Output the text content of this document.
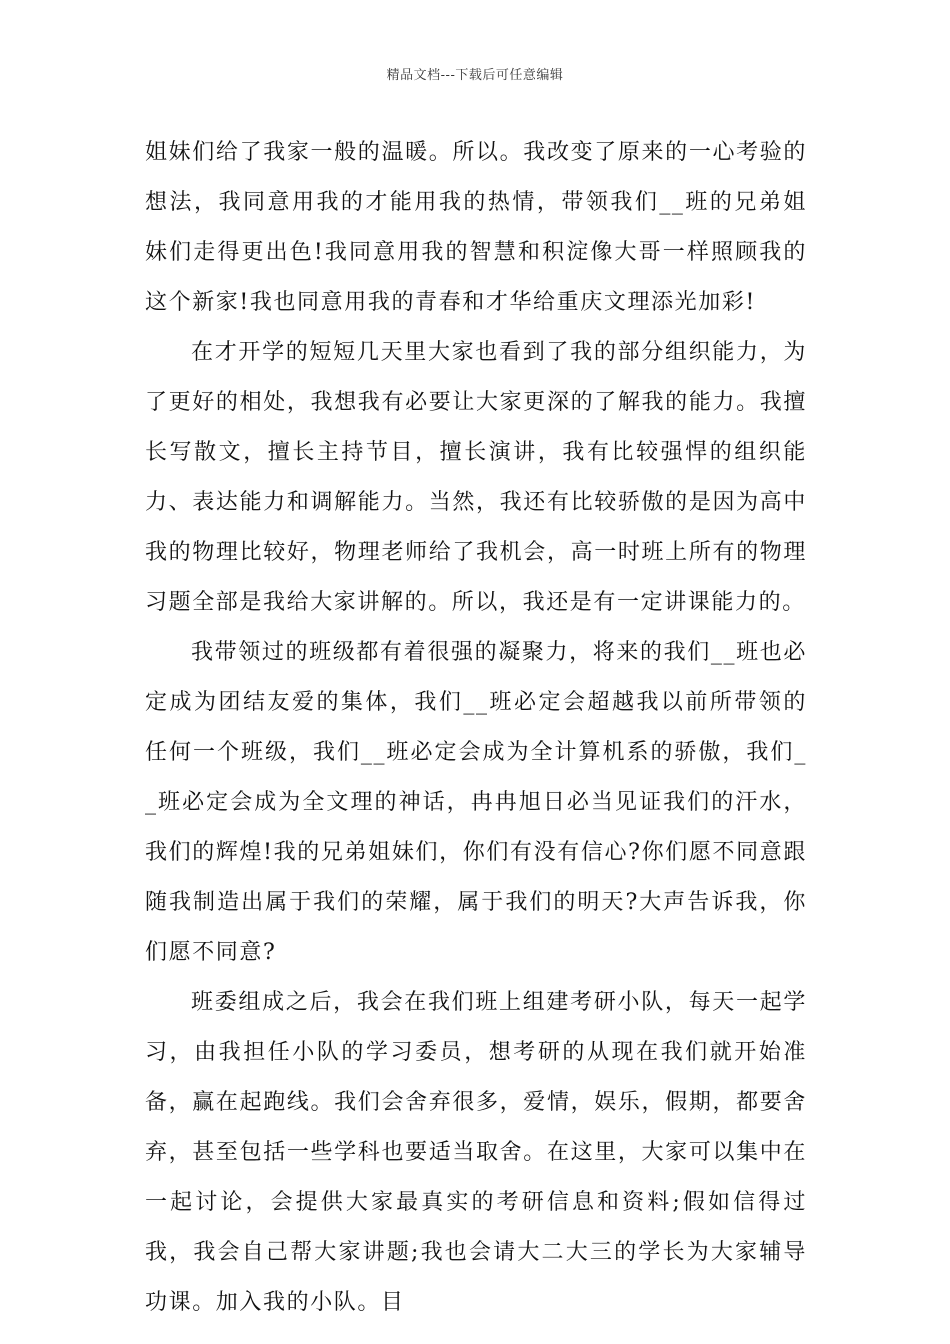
精品文档---下载后可任意编辑

姐妹们给了我家一般的温暖。所以。我改变了原来的一心考验的想法，我同意用我的才能用我的热情，带领我们__班的兄弟姐妹们走得更出色!我同意用我的智慧和积淀像大哥一样照顾我的这个新家!我也同意用我的青春和才华给重庆文理添光加彩!

在才开学的短短几天里大家也看到了我的部分组织能力，为了更好的相处，我想我有必要让大家更深的了解我的能力。我擅长写散文，擅长主持节目，擅长演讲，我有比较强悍的组织能力、表达能力和调解能力。当然，我还有比较骄傲的是因为高中我的物理比较好，物理老师给了我机会，高一时班上所有的物理习题全部是我给大家讲解的。所以，我还是有一定讲课能力的。

我带领过的班级都有着很强的凝聚力，将来的我们__班也必定成为团结友爱的集体，我们__班必定会超越我以前所带领的任何一个班级，我们__班必定会成为全计算机系的骄傲，我们__班必定会成为全文理的神话，冉冉旭日必当见证我们的汗水，我们的辉煌!我的兄弟姐妹们，你们有没有信心?你们愿不同意跟随我制造出属于我们的荣耀，属于我们的明天?大声告诉我，你们愿不同意?

班委组成之后，我会在我们班上组建考研小队，每天一起学习，由我担任小队的学习委员，想考研的从现在我们就开始准备，赢在起跑线。我们会舍弃很多，爱情，娱乐，假期，都要舍弃，甚至包括一些学科也要适当取舍。在这里，大家可以集中在一起讨论，会提供大家最真实的考研信息和资料;假如信得过我，我会自己帮大家讲题;我也会请大二大三的学长为大家辅导功课。加入我的小队。目
